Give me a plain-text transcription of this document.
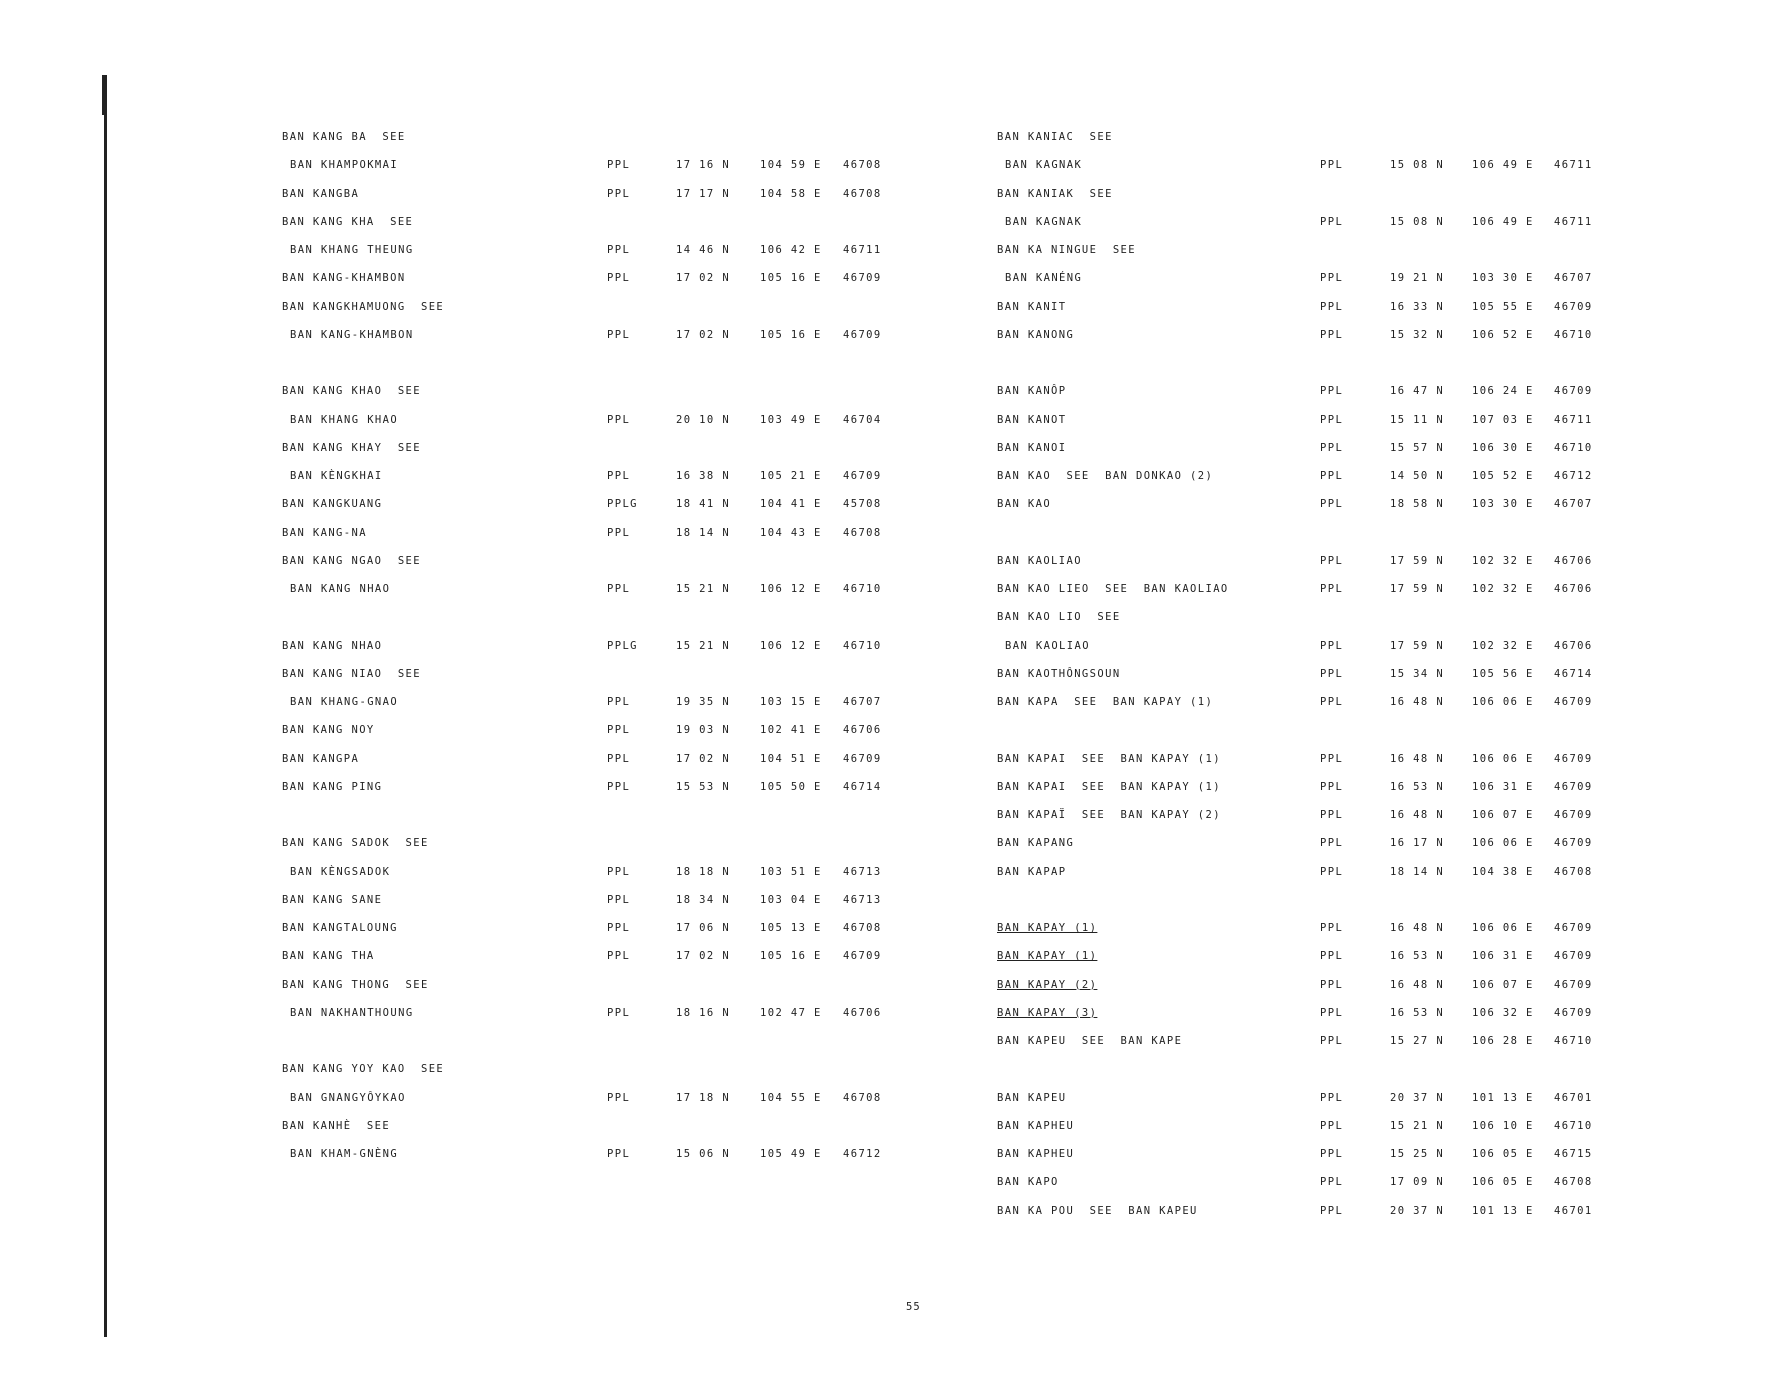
BAN KANG BA  SEE
BAN KHAMPOKMAI	PPL	17 16 N	104 59 E 46708
BAN KANGBA	PPL	17 17 N	104 58 E 46708
BAN KANG KHA  SEE
BAN KHANG THEUNG	PPL	14 46 N	106 42 E 46711
BAN KANG-KHAMBON	PPL	17 02 N	105 16 E 46709
BAN KANGKHAMUONG  SEE
BAN KANG-KHAMBON	PPL	17 02 N	105 16 E 46709
BAN KANG KHAO  SEE
BAN KHANG KHAO	PPL	20 10 N	103 49 E 46704
BAN KANG KHAY  SEE
BAN KÈNGKHAI	PPL	16 38 N	105 21 E 46709
BAN KANGKUANG	PPLG	18 41 N	104 41 E 45708
BAN KANG-NA	PPL	18 14 N	104 43 E 46708
BAN KANG NGAO  SEE
BAN KANG NHAO	PPL	15 21 N	106 12 E 46710
BAN KANG NHAO	PPLG	15 21 N	106 12 E 46710
BAN KANG NIAO  SEE
BAN KHANG-GNAO	PPL	19 35 N	103 15 E 46707
BAN KANG NOY	PPL	19 03 N	102 41 E 46706
BAN KANGPA	PPL	17 02 N	104 51 E 46709
BAN KANG PING	PPL	15 53 N	105 50 E 46714
BAN KANG SADOK  SEE
BAN KÈNGSADOK	PPL	18 18 N	103 51 E 46713
BAN KANG SANE	PPL	18 34 N	103 04 E 46713
BAN KANGTALOUNG	PPL	17 06 N	105 13 E 46708
BAN KANG THA	PPL	17 02 N	105 16 E 46709
BAN KANG THONG  SEE
BAN NAKHANTHOUNG	PPL	18 16 N	102 47 E 46706
BAN KANG YOY KAO  SEE
BAN GNANGYÔYKAO	PPL	17 18 N	104 55 E 46708
BAN KANHÈ  SEE
BAN KHAM-GNÈNG	PPL	15 06 N	105 49 E 46712
BAN KANIAC  SEE
BAN KAGNAK	PPL	15 08 N	106 49 E 46711
BAN KANIAK  SEE
BAN KAGNAK	PPL	15 08 N	106 49 E 46711
BAN KA NINGUE  SEE
BAN KANÉNG	PPL	19 21 N	103 30 E 46707
BAN KANIT	PPL	16 33 N	105 55 E 46709
BAN KANONG	PPL	15 32 N	106 52 E 46710
BAN KANÔP	PPL	16 47 N	106 24 E 46709
BAN KANOT	PPL	15 11 N	107 03 E 46711
BAN KANOI	PPL	15 57 N	106 30 E 46710
BAN KAO  SEE  BAN DONKAO (2)	PPL	14 50 N	105 52 E 46712
BAN KAO	PPL	18 58 N	103 30 E 46707
BAN KAOLIAO	PPL	17 59 N	102 32 E 46706
BAN KAO LIEO  SEE  BAN KAOLIAO	PPL	17 59 N	102 32 E 46706
BAN KAO LIO  SEE
BAN KAOLIAO	PPL	17 59 N	102 32 E 46706
BAN KAOTHÔNGSOUN	PPL	15 34 N	105 56 E 46714
BAN KAPA  SEE  BAN KAPAY (1)	PPL	16 48 N	106 06 E 46709
BAN KAPAI  SEE  BAN KAPAY (1)	PPL	16 48 N	106 06 E 46709
BAN KAPAI  SEE  BAN KAPAY (1)	PPL	16 53 N	106 31 E 46709
BAN KAPAÏ  SEE  BAN KAPAY (2)	PPL	16 48 N	106 07 E 46709
BAN KAPANG	PPL	16 17 N	106 06 E 46709
BAN KAPAP	PPL	18 14 N	104 38 E 46708
BAN KAPAY (1)	PPL	16 48 N	106 06 E 46709
BAN KAPAY (1)	PPL	16 53 N	106 31 E 46709
BAN KAPAY (2)	PPL	16 48 N	106 07 E 46709
BAN KAPAY (3)	PPL	16 53 N	106 32 E 46709
BAN KAPEU  SEE  BAN KAPE	PPL	15 27 N	106 28 E 46710
BAN KAPEU	PPL	20 37 N	101 13 E 46701
BAN KAPHEU	PPL	15 21 N	106 10 E 46710
BAN KAPHEU	PPL	15 25 N	106 05 E 46715
BAN KAPO	PPL	17 09 N	106 05 E 46708
BAN KA POU  SEE  BAN KAPEU	PPL	20 37 N	101 13 E 46701
55
